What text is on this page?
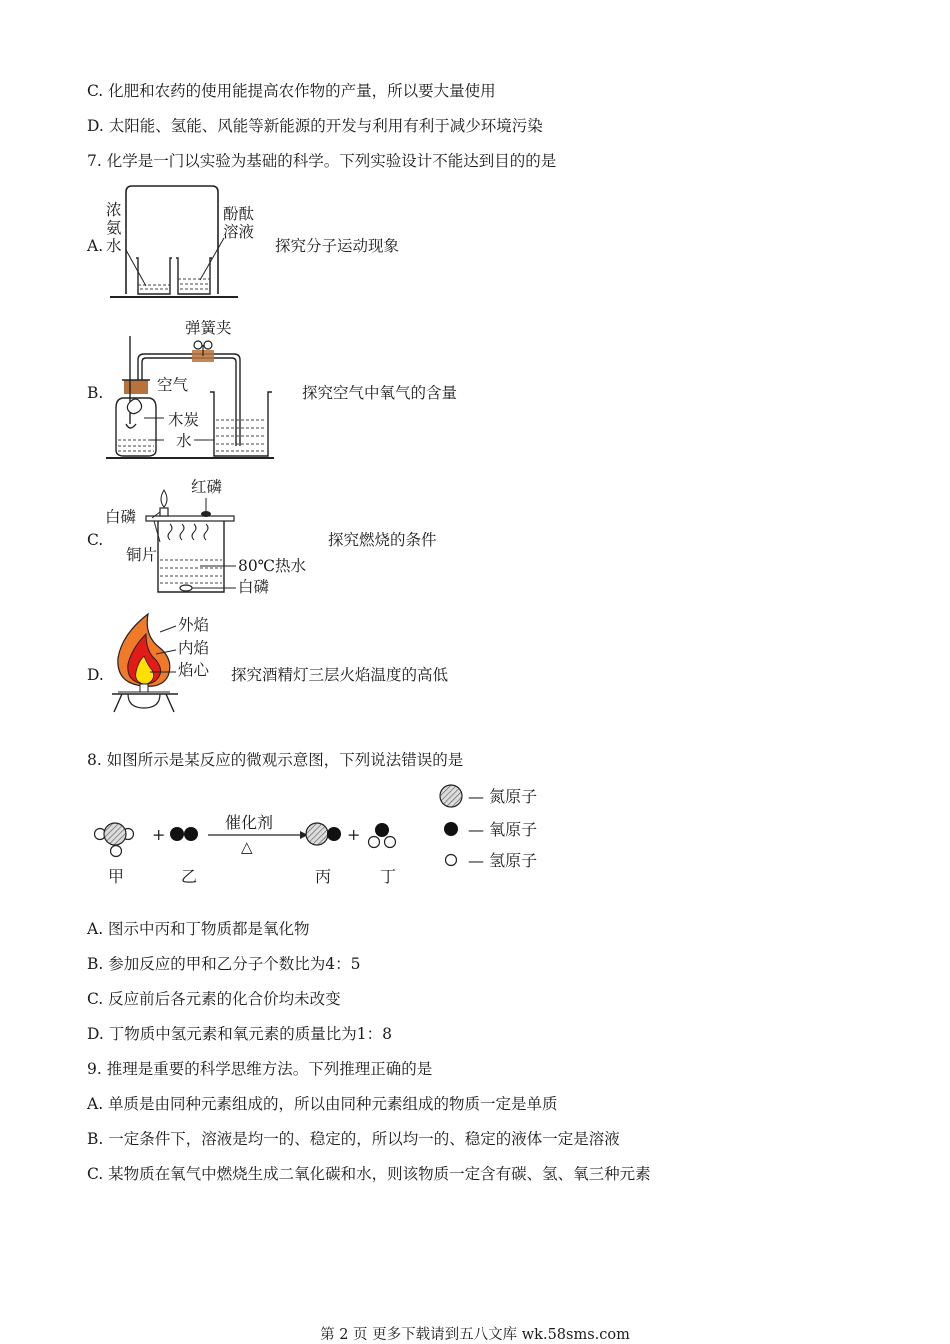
C. 化肥和农药的使用能提高农作物的产量，所以要大量使用
D. 太阳能、氢能、风能等新能源的开发与利用有利于减少环境污染
7. 化学是一门以实验为基础的科学。下列实验设计不能达到目的的是
A.
浓
氨
水
酚酞
溶液
探究分子运动现象
B.
弹簧夹
空气
木炭
水
探究空气中氧气的含量
C.
红磷
白磷
铜片
80℃热水
白磷
探究燃烧的条件
D.
外焰
内焰
焰心 探究酒精灯三层火焰温度的高低
8. 如图所示是某反应的微观示意图，下列说法错误的是
+
催化剂
△
+
甲	乙	丙	丁
— 氮原子
— 氧原子
— 氢原子
A. 图示中丙和丁物质都是氧化物
B. 参加反应的甲和乙分子个数比为4：5
C. 反应前后各元素的化合价均未改变
D. 丁物质中氢元素和氧元素的质量比为1：8
9. 推理是重要的科学思维方法。下列推理正确的是
A. 单质是由同种元素组成的，所以由同种元素组成的物质一定是单质
B. 一定条件下，溶液是均一的、稳定的，所以均一的、稳定的液体一定是溶液
C. 某物质在氧气中燃烧生成二氧化碳和水，则该物质一定含有碳、氢、氧三种元素
第 2 页 更多下载请到五八文库 wk.58sms.com
